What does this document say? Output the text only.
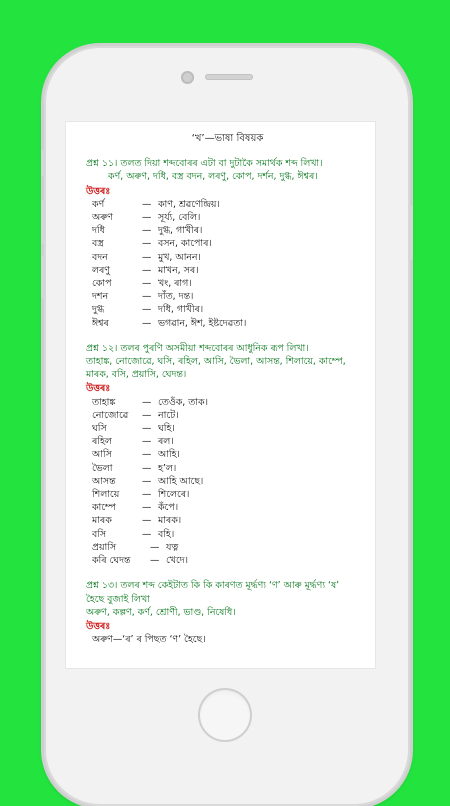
‘খ’—ভাষা বিষয়ক
প্ৰশ্ন ১১। তলত দিয়া শব্দবোৰৰ এটা বা দুটাকৈ সমাৰ্থক শব্দ লিখা।
কৰ্ণ, অৰুণ, দধি, বস্ত্ৰ বদন, লৰণু, কোপ, দৰ্শন, দুগ্ধ, ঈশ্বৰ।
উত্তৰঃ
কৰ্ণ	— কাণ, শ্ৰৱণেন্দ্ৰিয়।
অৰুণ	— সূৰ্য্য, বেলি।
দধি	— দুগ্ধ, গাখীৰ।
বস্ত্ৰ	— বসন, কাপোৰ।
বদন	— মুখ, আনন।
লৰণু	— মাখন, সৰ।
কোপ	— খং, ৰাগ।
দশন	— দাঁত, দন্ত।
দুগ্ধ	— দধি, গাখীৰ।
ঈশ্বৰ	— ভগৱান, ঈশ, ইষ্টদেৱতা।
প্ৰশ্ন ১২। তলৰ পুৰণি অসমীয়া শব্দবোৰৰ আধুনিক ৰূপ লিখা।
তাহাঙ্ক, নোজোৱে, ঘসি, ৰহিল, আসি, ভৈলা, আসন্ত, শিলায়ে, কাম্পে,
মাৰক, বসি, প্ৰয়াসি, ঘেদন্ত।
উত্তৰঃ
তাহাঙ্ক	— তেওঁক, তাক।
নোজোৱে	— নাটে।
ঘসি	— ঘহি।
ৰহিল	— ৰল।
আসি	— আহি।
ভৈলা	— হ’ল।
আসন্ত	— আহি আছে।
শিলায়ে	— শিলেৰে।
কাম্পে	— কঁপে।
মাৰক	— মাৰক।
বসি	— বহি।
প্ৰয়াসি	— যত্ন
কৰি ঘেদন্ত	— খেদে।
প্ৰশ্ন ১৩। তলৰ শব্দ কেইটাত কি কি কাৰণত মূৰ্দ্ধণ্য ‘ণ’ আৰু মূৰ্দ্ধণ্য ‘ষ’
হৈছে বুজাই লিখা
অৰুণ, কল্পণ, কৰ্ণ, শ্ৰোণী, ভাণ্ড, নিষেধি।
উত্তৰঃ
অৰুণ—‘ৰ’ ৰ পিছত ‘ণ’ হৈছে।
